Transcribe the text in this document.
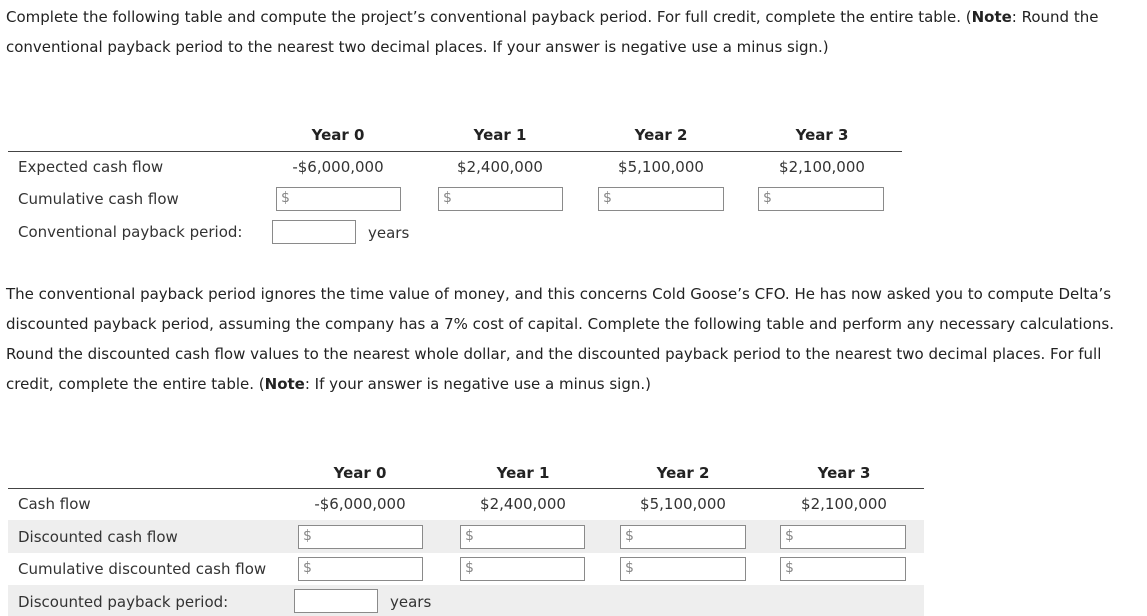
Complete the following table and compute the project’s conventional payback period. For full credit, complete the entire table. (Note: Round the conventional payback period to the nearest two decimal places. If your answer is negative use a minus sign.)
Year 0	Year 1	Year 2	Year 3
Expected cash flow	-$6,000,000	$2,400,000	$5,100,000	$2,100,000
Cumulative cash flow	$	$	$	$
Conventional payback period:	years
The conventional payback period ignores the time value of money, and this concerns Cold Goose’s CFO. He has now asked you to compute Delta’s discounted payback period, assuming the company has a 7% cost of capital. Complete the following table and perform any necessary calculations. Round the discounted cash flow values to the nearest whole dollar, and the discounted payback period to the nearest two decimal places. For full credit, complete the entire table. (Note: If your answer is negative use a minus sign.)
Year 0	Year 1	Year 2	Year 3
Cash flow	-$6,000,000	$2,400,000	$5,100,000	$2,100,000
Discounted cash flow	$	$	$	$
Cumulative discounted cash flow	$	$	$	$
Discounted payback period:	years
